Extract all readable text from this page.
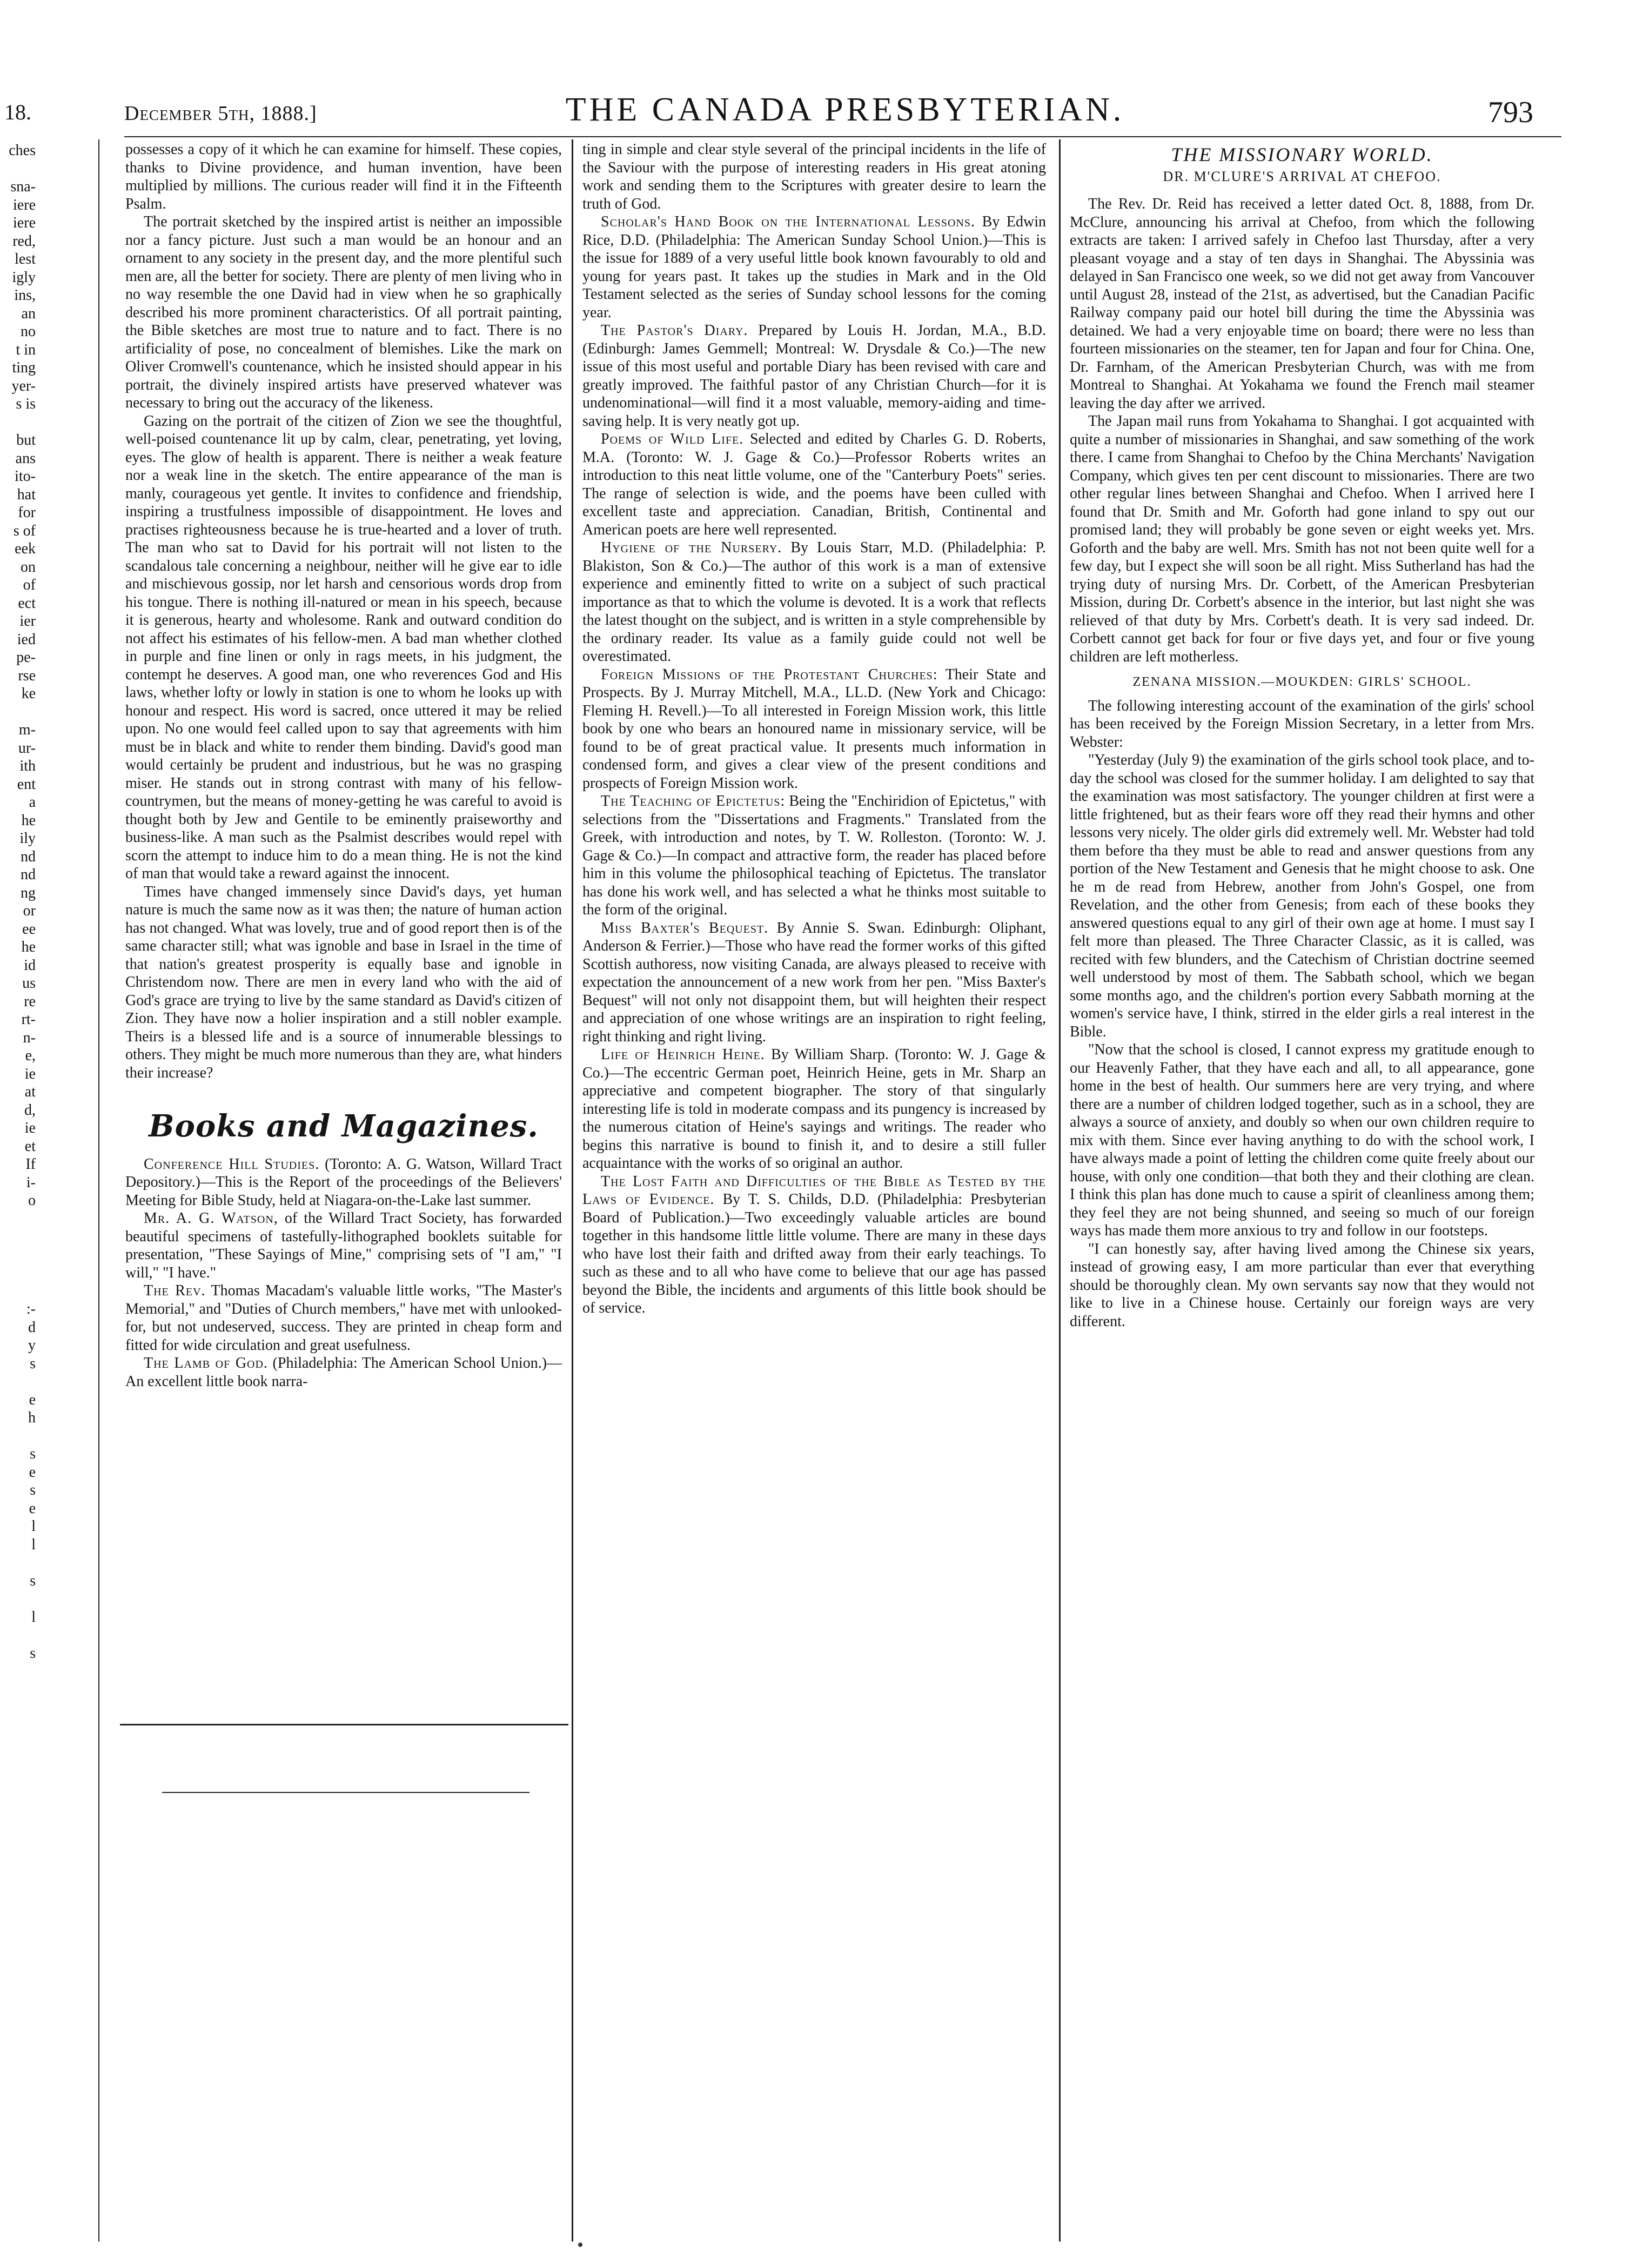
18.	December 5th, 1888.]	THE CANADA PRESBYTERIAN.	793
ches
sna-
iere
iere
red,
lest
igly
ins,
an
no
t in
ting
yer-
s is
but
ans
ito-
hat
for
s of
eek
on
of
ect
ier
ied
pe-
rse
ke
m-
ur-
ith
ent
a
he
ily
nd
nd
ng
or
ee
he
id
us
re
rt-
n-
e,
ie
at
d,
ie
et
If
i-
o
:-
d
y
s
e
h
s
e
s
e
l
l
s
l
s

possesses a copy of it which he can examine for himself. These copies, thanks to Divine providence, and human invention, have been multiplied by millions. The curious reader will find it in the Fifteenth Psalm.

The portrait sketched by the inspired artist is neither an impossible nor a fancy picture. Just such a man would be an honour and an ornament to any society in the present day, and the more plentiful such men are, all the better for society. There are plenty of men living who in no way resemble the one David had in view when he so graphically described his more prominent characteristics. Of all portrait painting, the Bible sketches are most true to nature and to fact. There is no artificiality of pose, no concealment of blemishes. Like the mark on Oliver Cromwell's countenance, which he insisted should appear in his portrait, the divinely inspired artists have preserved whatever was necessary to bring out the accuracy of the likeness.

Gazing on the portrait of the citizen of Zion we see the thoughtful, well-poised countenance lit up by calm, clear, penetrating, yet loving, eyes. The glow of health is apparent. There is neither a weak feature nor a weak line in the sketch. The entire appearance of the man is manly, courageous yet gentle. It invites to confidence and friendship, inspiring a trustfulness impossible of disappointment. He loves and practises righteousness because he is true-hearted and a lover of truth. The man who sat to David for his portrait will not listen to the scandalous tale concerning a neighbour, neither will he give ear to idle and mischievous gossip, nor let harsh and censorious words drop from his tongue. There is nothing ill-natured or mean in his speech, because it is generous, hearty and wholesome. Rank and outward condition do not affect his estimates of his fellow-men. A bad man whether clothed in purple and fine linen or only in rags meets, in his judgment, the contempt he deserves. A good man, one who reverences God and His laws, whether lofty or lowly in station is one to whom he looks up with honour and respect. His word is sacred, once uttered it may be relied upon. No one would feel called upon to say that agreements with him must be in black and white to render them binding. David's good man would certainly be prudent and industrious, but he was no grasping miser. He stands out in strong contrast with many of his fellow-countrymen, but the means of money-getting he was careful to avoid is thought both by Jew and Gentile to be eminently praiseworthy and business-like. A man such as the Psalmist describes would repel with scorn the attempt to induce him to do a mean thing. He is not the kind of man that would take a reward against the innocent.

Times have changed immensely since David's days, yet human nature is much the same now as it was then; the nature of human action has not changed. What was lovely, true and of good report then is of the same character still; what was ignoble and base in Israel in the time of that nation's greatest prosperity is equally base and ignoble in Christendom now. There are men in every land who with the aid of God's grace are trying to live by the same standard as David's citizen of Zion. They have now a holier inspiration and a still nobler example. Theirs is a blessed life and is a source of innumerable blessings to others. They might be much more numerous than they are, what hinders their increase?

Books and Magazines.

Conference Hill Studies. (Toronto: A. G. Watson, Willard Tract Depository.)—This is the Report of the proceedings of the Believers' Meeting for Bible Study, held at Niagara-on-the-Lake last summer.

Mr. A. G. Watson, of the Willard Tract Society, has forwarded beautiful specimens of tastefully-lithographed booklets suitable for presentation, "These Sayings of Mine," comprising sets of "I am," "I will," "I have."

The Rev. Thomas Macadam's valuable little works, "The Master's Memorial," and "Duties of Church members," have met with unlooked-for, but not undeserved, success. They are printed in cheap form and fitted for wide circulation and great usefulness.

The Lamb of God. (Philadelphia: The American School Union.)—An excellent little book narra-

ting in simple and clear style several of the principal incidents in the life of the Saviour with the purpose of interesting readers in His great atoning work and sending them to the Scriptures with greater desire to learn the truth of God.

Scholar's Hand Book on the International Lessons. By Edwin Rice, D.D. (Philadelphia: The American Sunday School Union.)—This is the issue for 1889 of a very useful little book known favourably to old and young for years past. It takes up the studies in Mark and in the Old Testament selected as the series of Sunday school lessons for the coming year.

The Pastor's Diary. Prepared by Louis H. Jordan, M.A., B.D. (Edinburgh: James Gemmell; Montreal: W. Drysdale & Co.)—The new issue of this most useful and portable Diary has been revised with care and greatly improved. The faithful pastor of any Christian Church—for it is undenominational—will find it a most valuable, memory-aiding and time-saving help. It is very neatly got up.

Poems of Wild Life. Selected and edited by Charles G. D. Roberts, M.A. (Toronto: W. J. Gage & Co.)—Professor Roberts writes an introduction to this neat little volume, one of the "Canterbury Poets" series. The range of selection is wide, and the poems have been culled with excellent taste and appreciation. Canadian, British, Continental and American poets are here well represented.

Hygiene of the Nursery. By Louis Starr, M.D. (Philadelphia: P. Blakiston, Son & Co.)—The author of this work is a man of extensive experience and eminently fitted to write on a subject of such practical importance as that to which the volume is devoted. It is a work that reflects the latest thought on the subject, and is written in a style comprehensible by the ordinary reader. Its value as a family guide could not well be overestimated.

Foreign Missions of the Protestant Churches: Their State and Prospects. By J. Murray Mitchell, M.A., LL.D. (New York and Chicago: Fleming H. Revell.)—To all interested in Foreign Mission work, this little book by one who bears an honoured name in missionary service, will be found to be of great practical value. It presents much information in condensed form, and gives a clear view of the present conditions and prospects of Foreign Mission work.

The Teaching of Epictetus: Being the "Enchiridion of Epictetus," with selections from the "Dissertations and Fragments." Translated from the Greek, with introduction and notes, by T. W. Rolleston. (Toronto: W. J. Gage & Co.)—In compact and attractive form, the reader has placed before him in this volume the philosophical teaching of Epictetus. The translator has done his work well, and has selected a what he thinks most suitable to the form of the original.

Miss Baxter's Bequest. By Annie S. Swan. Edinburgh: Oliphant, Anderson & Ferrier.)—Those who have read the former works of this gifted Scottish authoress, now visiting Canada, are always pleased to receive with expectation the announcement of a new work from her pen. "Miss Baxter's Bequest" will not only not disappoint them, but will heighten their respect and appreciation of one whose writings are an inspiration to right feeling, right thinking and right living.

Life of Heinrich Heine. By William Sharp. (Toronto: W. J. Gage & Co.)—The eccentric German poet, Heinrich Heine, gets in Mr. Sharp an appreciative and competent biographer. The story of that singularly interesting life is told in moderate compass and its pungency is increased by the numerous citation of Heine's sayings and writings. The reader who begins this narrative is bound to finish it, and to desire a still fuller acquaintance with the works of so original an author.

The Lost Faith and Difficulties of the Bible as Tested by the Laws of Evidence. By T. S. Childs, D.D. (Philadelphia: Presbyterian Board of Publication.)—Two exceedingly valuable articles are bound together in this handsome little little volume. There are many in these days who have lost their faith and drifted away from their early teachings. To such as these and to all who have come to believe that our age has passed beyond the Bible, the incidents and arguments of this little book should be of service.

THE MISSIONARY WORLD.
DR. M'CLURE'S ARRIVAL AT CHEFOO.

The Rev. Dr. Reid has received a letter dated Oct. 8, 1888, from Dr. McClure, announcing his arrival at Chefoo, from which the following extracts are taken: I arrived safely in Chefoo last Thursday, after a very pleasant voyage and a stay of ten days in Shanghai. The Abyssinia was delayed in San Francisco one week, so we did not get away from Vancouver until August 28, instead of the 21st, as advertised, but the Canadian Pacific Railway company paid our hotel bill during the time the Abyssinia was detained. We had a very enjoyable time on board; there were no less than fourteen missionaries on the steamer, ten for Japan and four for China. One, Dr. Farnham, of the American Presbyterian Church, was with me from Montreal to Shanghai. At Yokahama we found the French mail steamer leaving the day after we arrived.

The Japan mail runs from Yokahama to Shanghai. I got acquainted with quite a number of missionaries in Shanghai, and saw something of the work there. I came from Shanghai to Chefoo by the China Merchants' Navigation Company, which gives ten per cent discount to missionaries. There are two other regular lines between Shanghai and Chefoo. When I arrived here I found that Dr. Smith and Mr. Goforth had gone inland to spy out our promised land; they will probably be gone seven or eight weeks yet. Mrs. Goforth and the baby are well. Mrs. Smith has not not been quite well for a few day, but I expect she will soon be all right. Miss Sutherland has had the trying duty of nursing Mrs. Dr. Corbett, of the American Presbyterian Mission, during Dr. Corbett's absence in the interior, but last night she was relieved of that duty by Mrs. Corbett's death. It is very sad indeed. Dr. Corbett cannot get back for four or five days yet, and four or five young children are left motherless.

ZENANA MISSION.—MOUKDEN: GIRLS' SCHOOL.

The following interesting account of the examination of the girls' school has been received by the Foreign Mission Secretary, in a letter from Mrs. Webster:

"Yesterday (July 9) the examination of the girls school took place, and to-day the school was closed for the summer holiday. I am delighted to say that the examination was most satisfactory. The younger children at first were a little frightened, but as their fears wore off they read their hymns and other lessons very nicely. The older girls did extremely well. Mr. Webster had told them before tha they must be able to read and answer questions from any portion of the New Testament and Genesis that he might choose to ask. One he m de read from Hebrew, another from John's Gospel, one from Revelation, and the other from Genesis; from each of these books they answered questions equal to any girl of their own age at home. I must say I felt more than pleased. The Three Character Classic, as it is called, was recited with few blunders, and the Catechism of Christian doctrine seemed well understood by most of them. The Sabbath school, which we began some months ago, and the children's portion every Sabbath morning at the women's service have, I think, stirred in the elder girls a real interest in the Bible.

"Now that the school is closed, I cannot express my gratitude enough to our Heavenly Father, that they have each and all, to all appearance, gone home in the best of health. Our summers here are very trying, and where there are a number of children lodged together, such as in a school, they are always a source of anxiety, and doubly so when our own children require to mix with them. Since ever having anything to do with the school work, I have always made a point of letting the children come quite freely about our house, with only one condition—that both they and their clothing are clean. I think this plan has done much to cause a spirit of cleanliness among them; they feel they are not being shunned, and seeing so much of our foreign ways has made them more anxious to try and follow in our footsteps.

"I can honestly say, after having lived among the Chinese six years, instead of growing easy, I am more particular than ever that everything should be thoroughly clean. My own servants say now that they would not like to live in a Chinese house. Certainly our foreign ways are very different.
